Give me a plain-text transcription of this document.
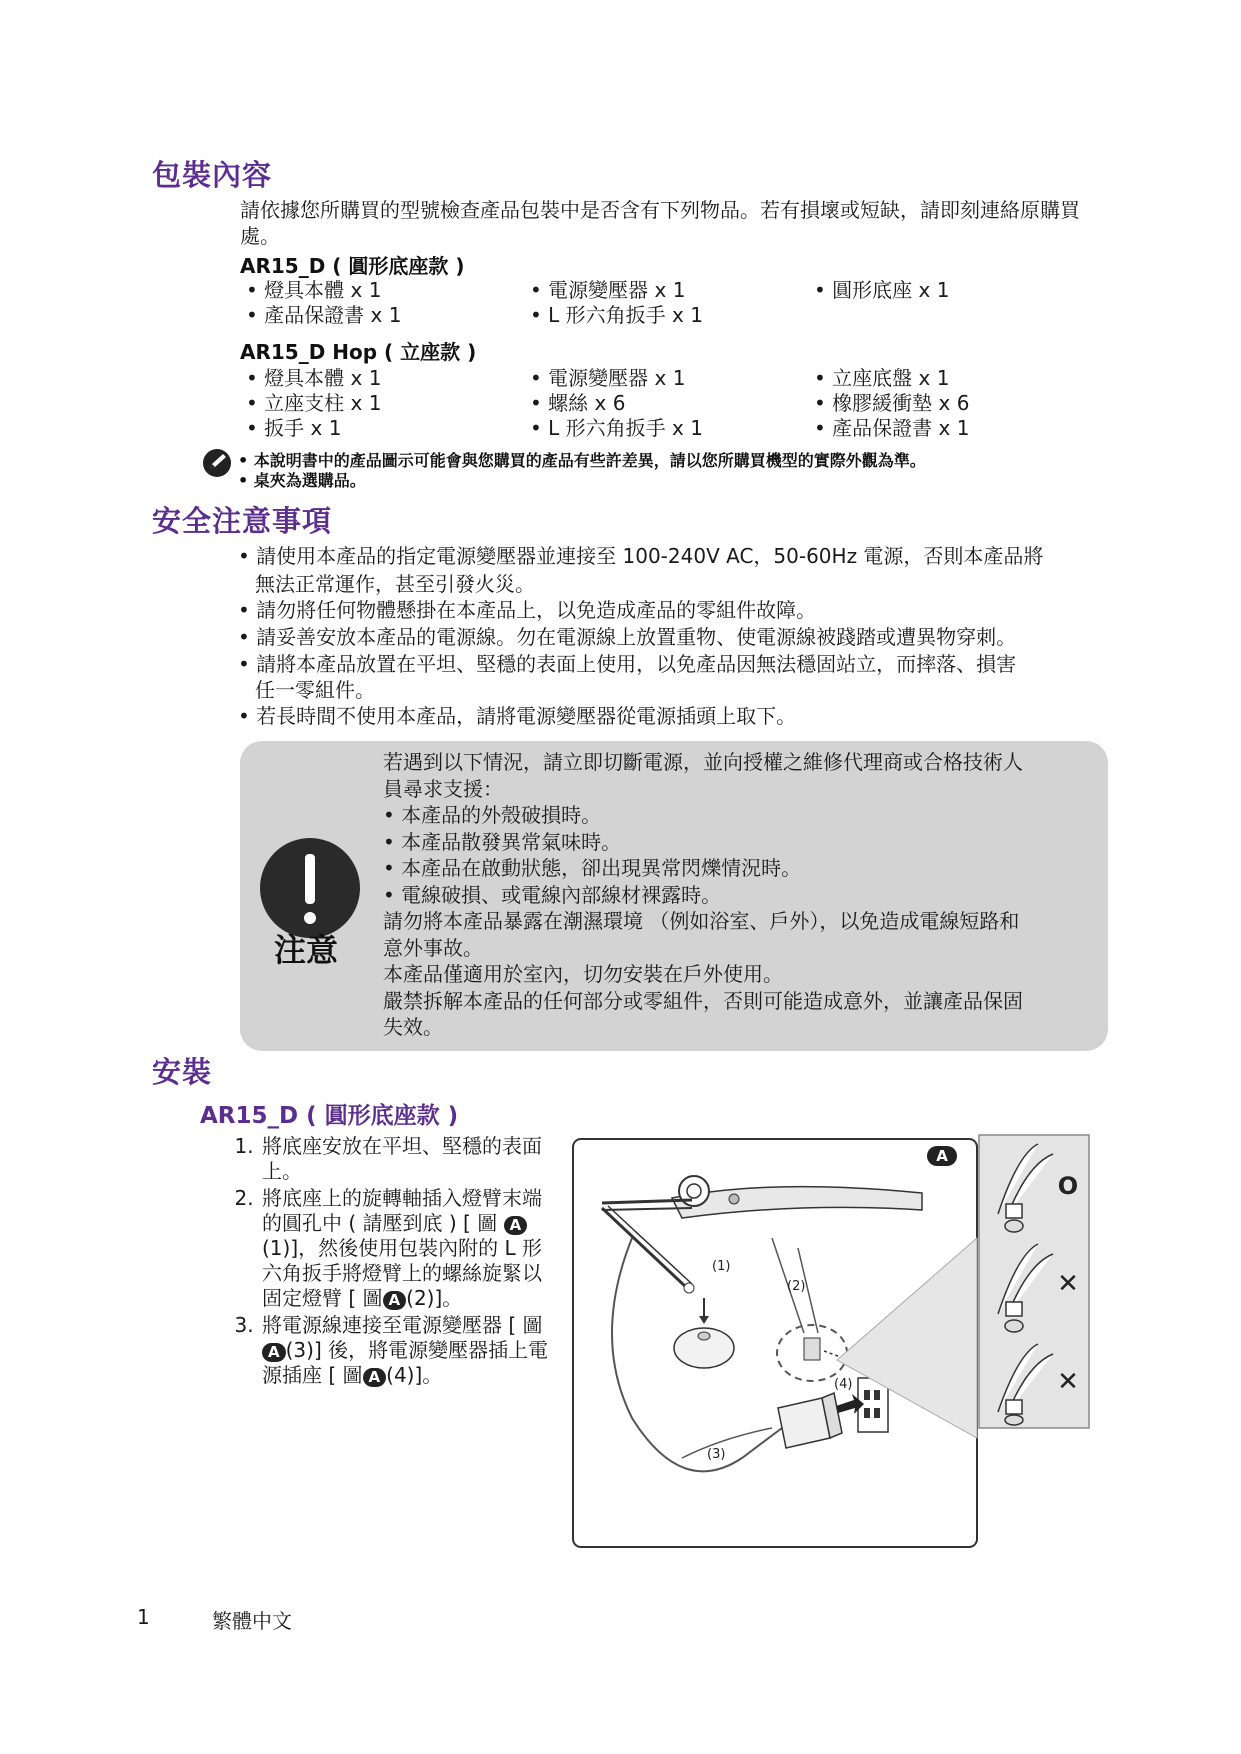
包裝內容
請依據您所購買的型號檢查產品包裝中是否含有下列物品。若有損壞或短缺，請即刻連絡原購買處。
AR15_D ( 圓形底座款 )
• 燈具本體 x 1	• 電源變壓器 x 1	• 圓形底座 x 1
• 產品保證書 x 1	• L 形六角扳手 x 1
AR15_D Hop ( 立座款 )
• 燈具本體 x 1	• 電源變壓器 x 1	• 立座底盤 x 1
• 立座支柱 x 1	• 螺絲 x 6	• 橡膠緩衝墊 x 6
• 扳手 x 1	• L 形六角扳手 x 1	• 產品保證書 x 1
• 本說明書中的產品圖示可能會與您購買的產品有些許差異，請以您所購買機型的實際外觀為準。
• 桌夾為選購品。
安全注意事項
• 請使用本產品的指定電源變壓器並連接至 100-240V AC，50-60Hz 電源，否則本產品將
無法正常運作，甚至引發火災。
• 請勿將任何物體懸掛在本產品上，以免造成產品的零組件故障。
• 請妥善安放本產品的電源線。勿在電源線上放置重物、使電源線被踐踏或遭異物穿刺。
• 請將本產品放置在平坦、堅穩的表面上使用，以免產品因無法穩固站立，而摔落、損害
任一零組件。
• 若長時間不使用本產品，請將電源變壓器從電源插頭上取下。
注意
若遇到以下情況，請立即切斷電源，並向授權之維修代理商或合格技術人
員尋求支援：
• 本產品的外殼破損時。
• 本產品散發異常氣味時。
• 本產品在啟動狀態，卻出現異常閃爍情況時。
• 電線破損、或電線內部線材裸露時。
請勿將本產品暴露在潮濕環境 （例如浴室、戶外），以免造成電線短路和
意外事故。
本產品僅適用於室內，切勿安裝在戶外使用。
嚴禁拆解本產品的任何部分或零組件，否則可能造成意外，並讓產品保固
失效。
安裝
AR15_D ( 圓形底座款 )
1. 將底座安放在平坦、堅穩的表面上。
2. 將底座上的旋轉軸插入燈臂末端的圓孔中 ( 請壓到底 ) [ 圖 A(1)]，然後使用包裝內附的 L 形六角扳手將燈臂上的螺絲旋緊以固定燈臂 [ 圖 A (2)]。
3. 將電源線連接至電源變壓器 [ 圖A (3)] 後，將電源變壓器插上電源插座 [ 圖 A (4)]。
(1)
(2)
(3)
(4)
A
O
✕
✕
1	繁體中文
